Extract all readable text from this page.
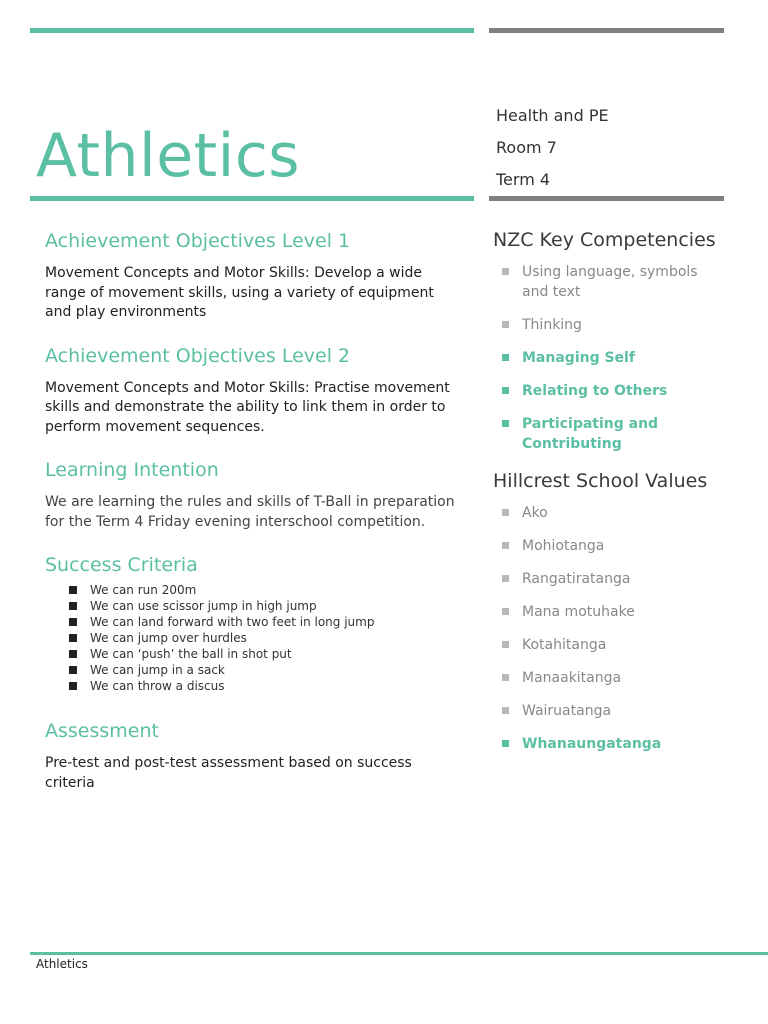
Athletics
Health and PE
Room 7
Term 4
Achievement Objectives Level 1

Movement Concepts and Motor Skills: Develop a wide range of movement skills, using a variety of equipment and play environments

Achievement Objectives Level 2

Movement Concepts and Motor Skills: Practise movement skills and demonstrate the ability to link them in order to perform movement sequences.

Learning Intention

We are learning the rules and skills of T-Ball in preparation for the Term 4 Friday evening interschool competition.

Success Criteria
We can run 200m
We can use scissor jump in high jump
We can land forward with two feet in long jump
We can jump over hurdles
We can ‘push’ the ball in shot put
We can jump in a sack
We can throw a discus
Assessment

Pre-test and post-test assessment based on success criteria

NZC Key Competencies
Using language, symbols and text
Thinking
Managing Self
Relating to Others
Participating and Contributing
Hillcrest School Values
Ako
Mohiotanga
Rangatiratanga
Mana motuhake
Kotahitanga
Manaakitanga
Wairuatanga
Whanaungatanga
Athletics
